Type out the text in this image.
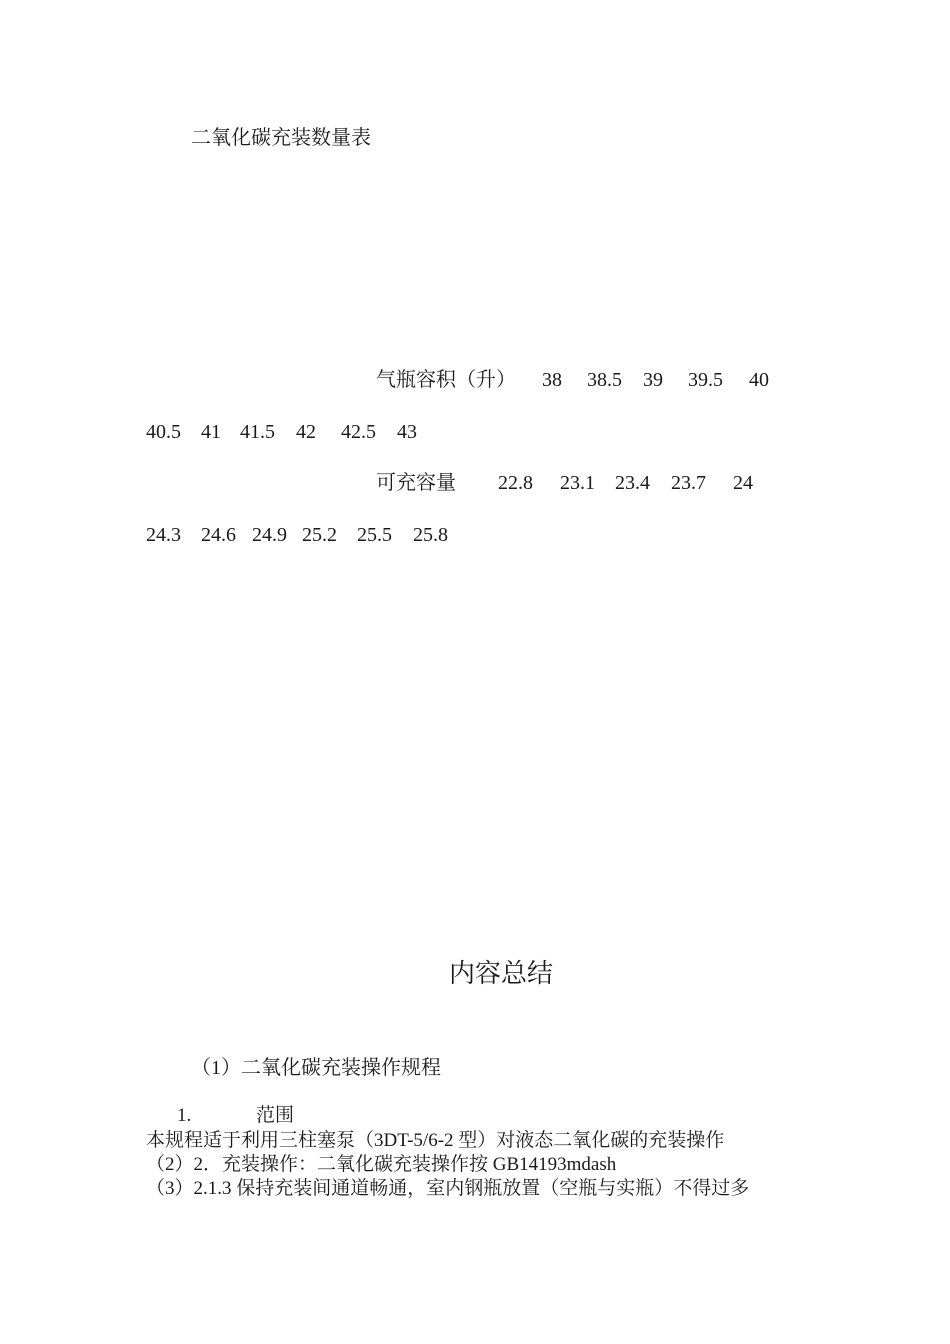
二氧化碳充装数量表
气瓶容积（升） 38 38.5 39 39.5 40
40.5 41 41.5 42 42.5 43
可充容量 22.8 23.1 23.4 23.7 24
24.3 24.6 24.9 25.2 25.5 25.8
内容总结
（1）二氧化碳充装操作规程
1.	范围
本规程适于利用三柱塞泵（3DT-5/6-2 型）对液态二氧化碳的充装操作
（2）2．充装操作：二氧化碳充装操作按 GB14193mdash
（3）2.1.3 保持充装间通道畅通，室内钢瓶放置（空瓶与实瓶）不得过多
